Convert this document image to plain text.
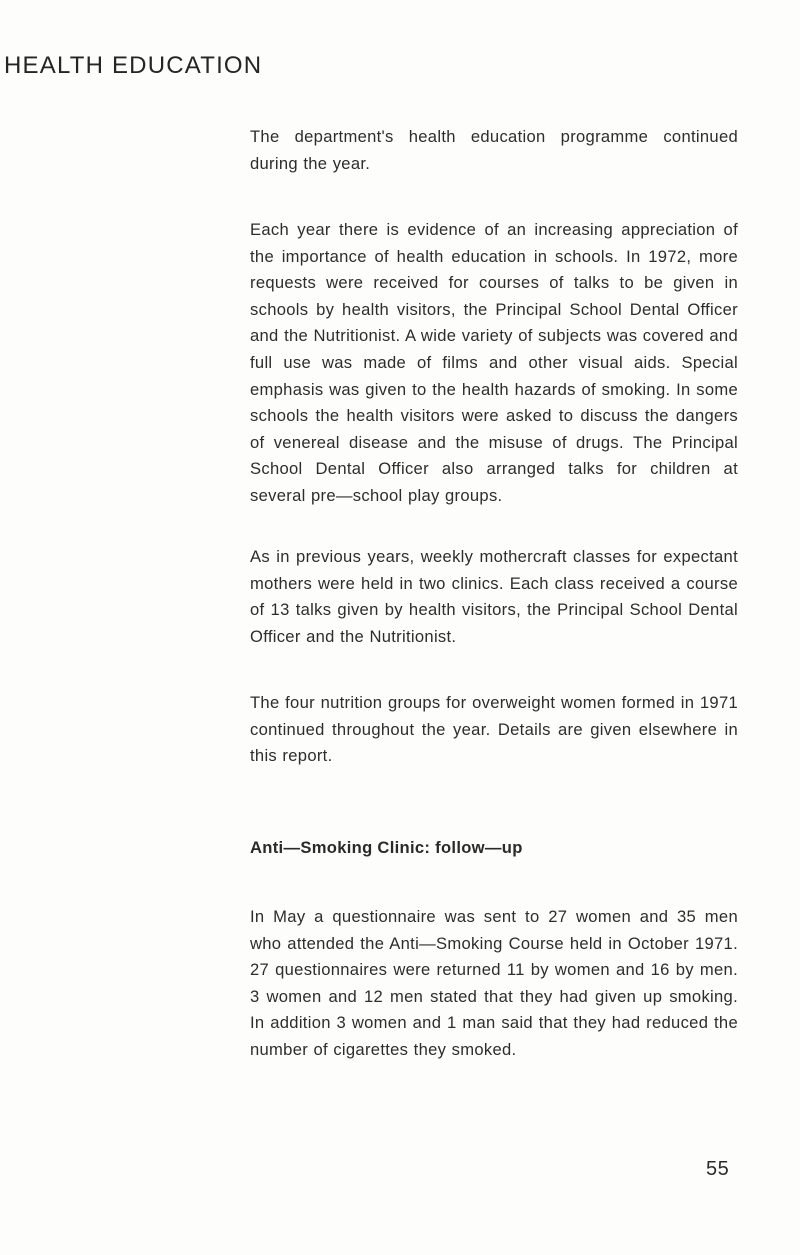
HEALTH EDUCATION

The department's health education programme continued during the year.

Each year there is evidence of an increasing appreciation of the importance of health education in schools. In 1972, more requests were received for courses of talks to be given in schools by health visitors, the Principal School Dental Officer and the Nutritionist. A wide variety of subjects was covered and full use was made of films and other visual aids. Special emphasis was given to the health hazards of smoking. In some schools the health visitors were asked to discuss the dangers of venereal disease and the misuse of drugs. The Principal School Dental Officer also arranged talks for children at several pre—school play groups.

As in previous years, weekly mothercraft classes for expectant mothers were held in two clinics. Each class received a course of 13 talks given by health visitors, the Principal School Dental Officer and the Nutritionist.

The four nutrition groups for overweight women formed in 1971 continued throughout the year. Details are given elsewhere in this report.

Anti—Smoking Clinic: follow—up

In May a questionnaire was sent to 27 women and 35 men who attended the Anti—Smoking Course held in October 1971. 27 questionnaires were returned 11 by women and 16 by men. 3 women and 12 men stated that they had given up smoking. In addition 3 women and 1 man said that they had reduced the number of cigarettes they smoked.

55
